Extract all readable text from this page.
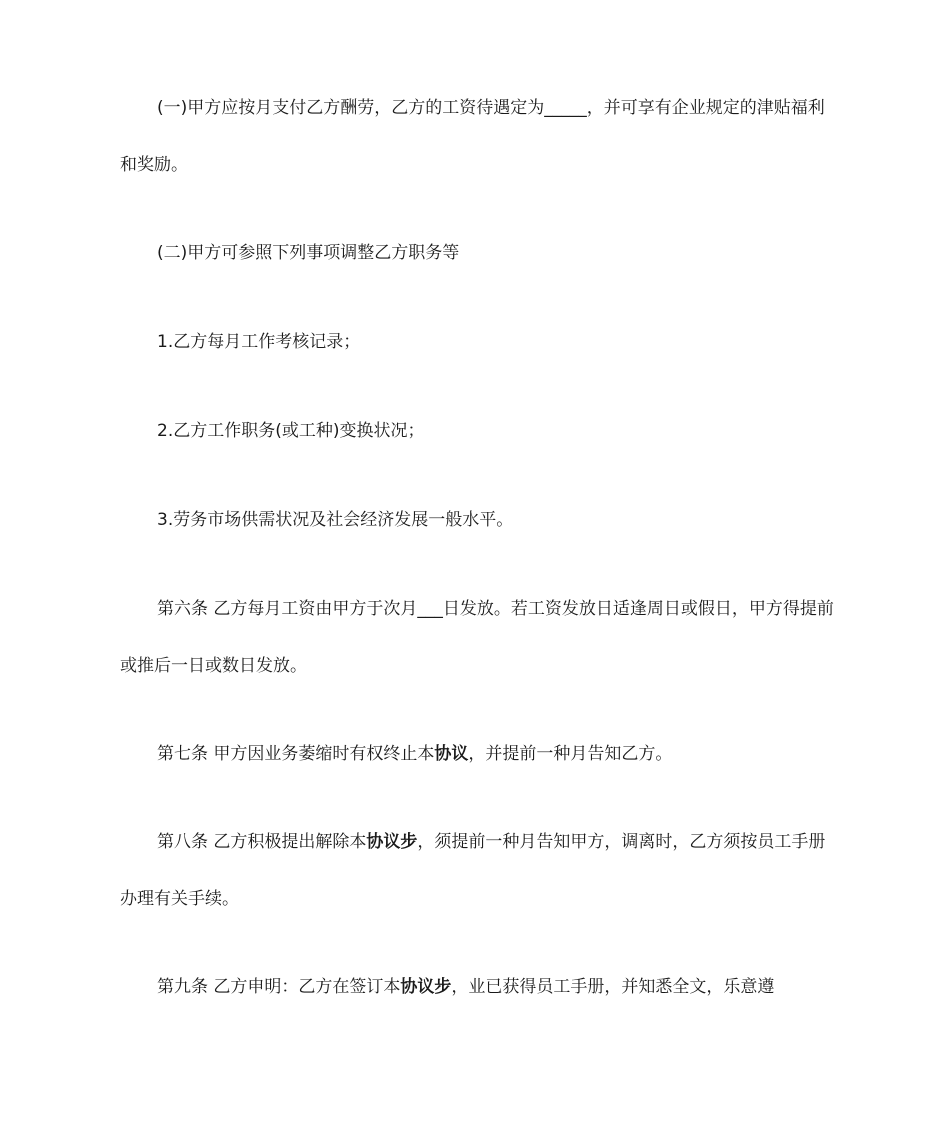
(一)甲方应按月支付乙方酬劳，乙方的工资待遇定为_____，并可享有企业规定的津贴福利和奖励。

(二)甲方可参照下列事项调整乙方职务等

1.乙方每月工作考核记录；

2.乙方工作职务(或工种)变换状况；

3.劳务市场供需状况及社会经济发展一般水平。

第六条 乙方每月工资由甲方于次月___日发放。若工资发放日适逢周日或假日，甲方得提前或推后一日或数日发放。

第七条 甲方因业务萎缩时有权终止本协议，并提前一种月告知乙方。

第八条 乙方积极提出解除本协议步，须提前一种月告知甲方，调离时，乙方须按员工手册办理有关手续。

第九条 乙方申明：乙方在签订本协议步，业已获得员工手册，并知悉全文，乐意遵
